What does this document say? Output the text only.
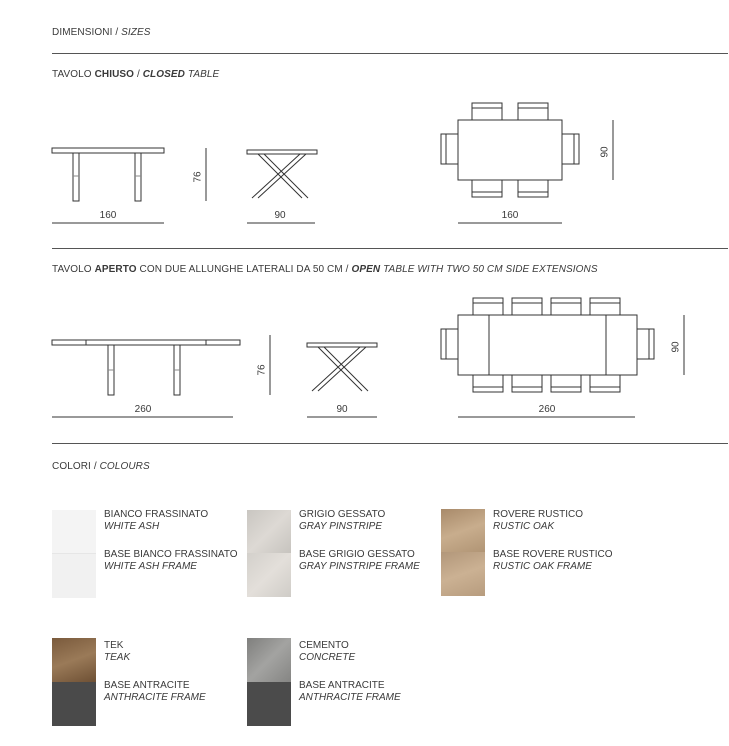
DIMENSIONI / SIZES
TAVOLO CHIUSO / CLOSED TABLE
160
76
90	160
90
TAVOLO APERTO CON DUE ALLUNGHE LATERALI DA 50 CM / OPEN TABLE WITH TWO 50 CM SIDE EXTENSIONS
260
76
90	260
90
COLORI / COLOURS
BIANCO FRASSINATO
WHITE ASH
BASE BIANCO FRASSINATO
WHITE ASH FRAME
GRIGIO GESSATO
GRAY PINSTRIPE
BASE GRIGIO GESSATO
GRAY PINSTRIPE FRAME
ROVERE RUSTICO
RUSTIC OAK
BASE ROVERE RUSTICO
RUSTIC OAK FRAME
TEK
TEAK
BASE ANTRACITE
ANTHRACITE FRAME
CEMENTO
CONCRETE
BASE ANTRACITE
ANTHRACITE FRAME
